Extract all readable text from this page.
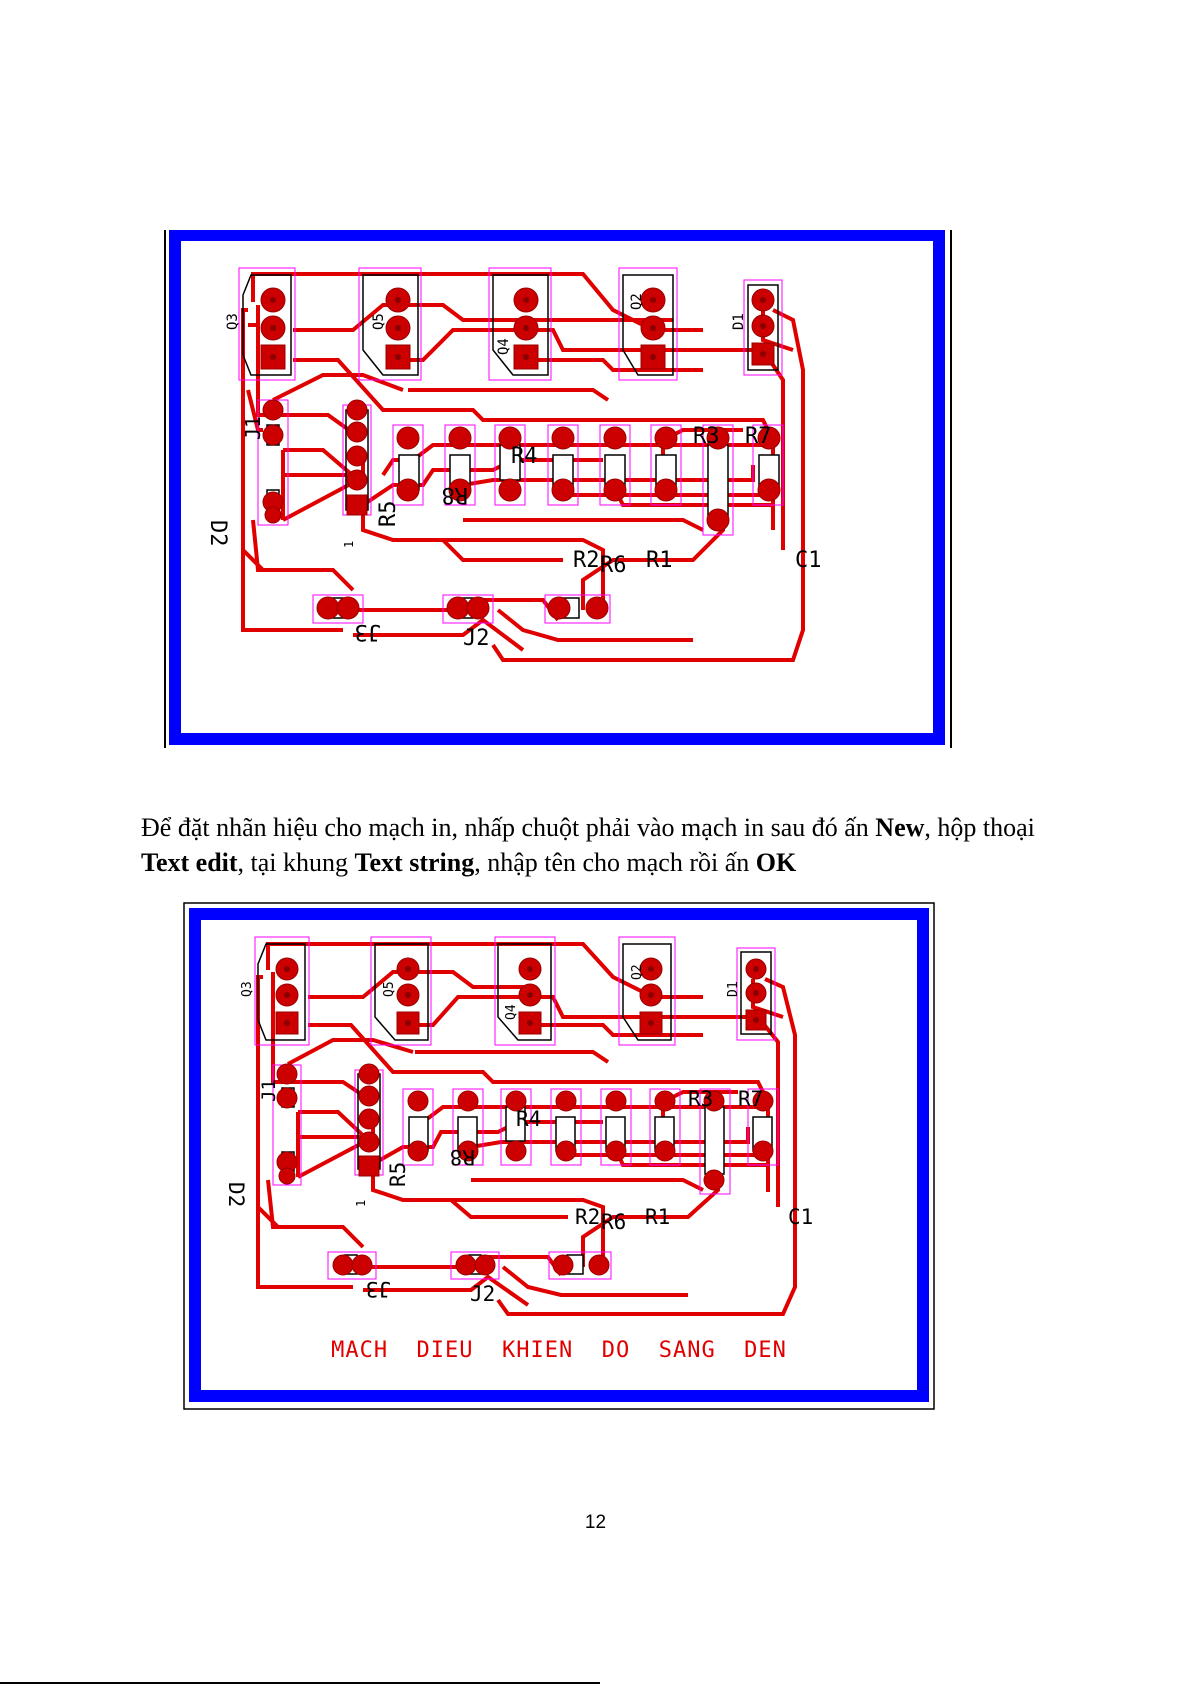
Q3	Q5
Q4
Q2
D1
J1
D2
R4
R8
R5
R3 R7
R2 R6 R1	C1
J3	J2
1
Để đặt nhãn hiệu cho mạch in, nhấp chuột phải vào mạch in sau đó ấn New, hộp thoại Text edit, tại khung Text string, nhập tên cho mạch rồi ấn OK
Q3	Q5
Q4
Q2
D1
J1
D2
R4
R8
R5
R3 R7
R2 R6 R1	C1
J3	J2
1
MACH  DIEU  KHIEN  DO  SANG  DEN
12
